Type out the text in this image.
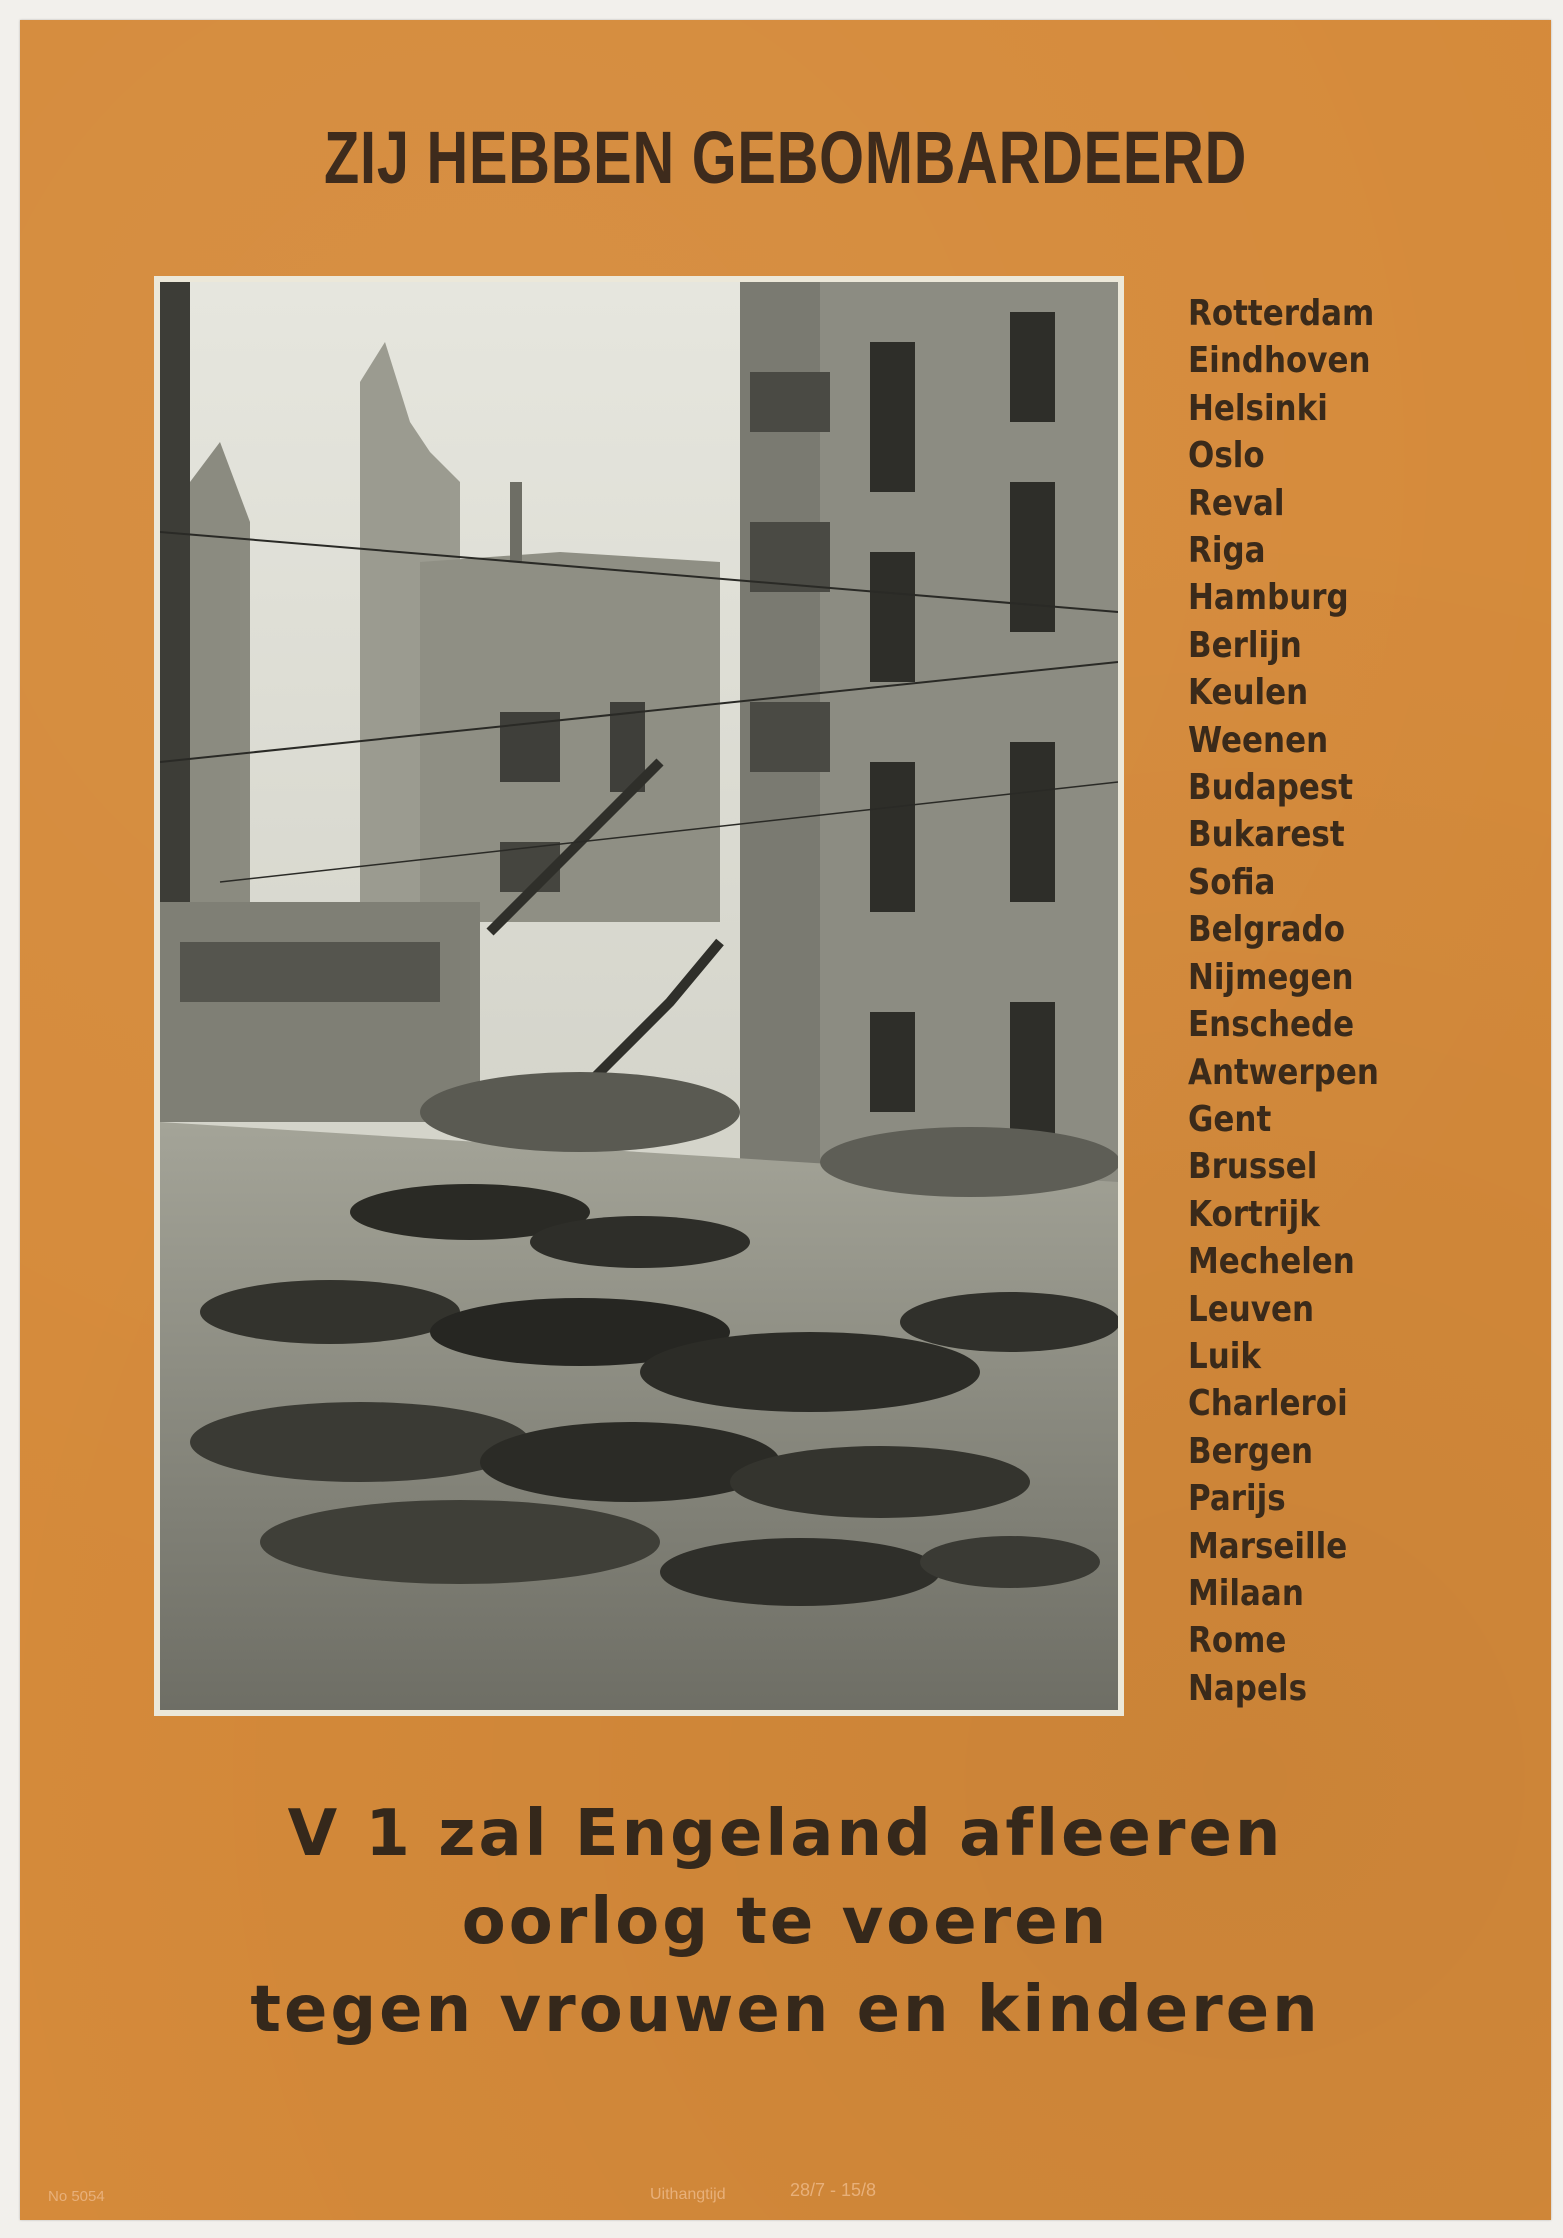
ZIJ HEBBEN GEBOMBARDEERD
Rotterdam
Eindhoven
Helsinki
Oslo
Reval
Riga
Hamburg
Berlijn
Keulen
Weenen
Budapest
Bukarest
Sofia
Belgrado
Nijmegen
Enschede
Antwerpen
Gent
Brussel
Kortrijk
Mechelen
Leuven
Luik
Charleroi
Bergen
Parijs
Marseille
Milaan
Rome
Napels
V 1 zal Engeland afleeren
oorlog te voeren
tegen vrouwen en kinderen
No 5054	Uithangtijd	28/7 - 15/8
